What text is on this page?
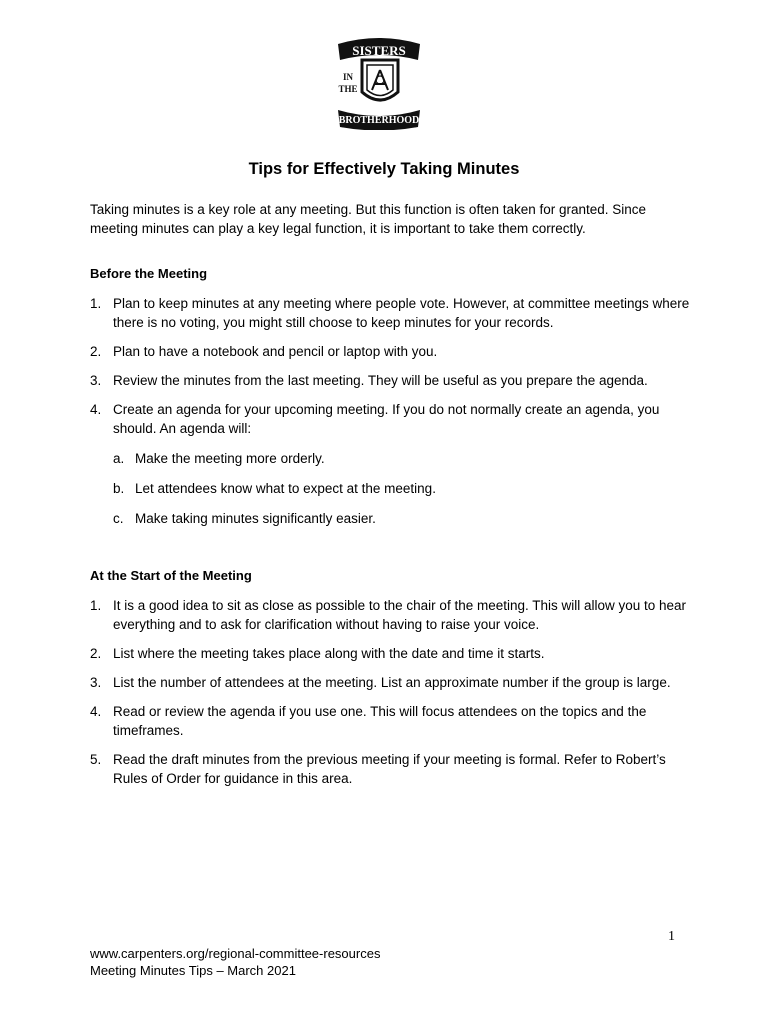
SISTERS
IN
THE
BROTHERHOOD
Tips for Effectively Taking Minutes
Taking minutes is a key role at any meeting. But this function is often taken for granted. Since meeting minutes can play a key legal function, it is important to take them correctly.
Before the Meeting
1. Plan to keep minutes at any meeting where people vote. However, at committee meetings where there is no voting, you might still choose to keep minutes for your records.
2. Plan to have a notebook and pencil or laptop with you.
3. Review the minutes from the last meeting. They will be useful as you prepare the agenda.
4. Create an agenda for your upcoming meeting. If you do not normally create an agenda, you should. An agenda will:
a. Make the meeting more orderly.
b. Let attendees know what to expect at the meeting.
c. Make taking minutes significantly easier.
At the Start of the Meeting
1. It is a good idea to sit as close as possible to the chair of the meeting. This will allow you to hear everything and to ask for clarification without having to raise your voice.
2. List where the meeting takes place along with the date and time it starts.
3. List the number of attendees at the meeting. List an approximate number if the group is large.
4. Read or review the agenda if you use one. This will focus attendees on the topics and the timeframes.
5. Read the draft minutes from the previous meeting if your meeting is formal. Refer to Robert’s Rules of Order for guidance in this area.
1
www.carpenters.org/regional-committee-resources
Meeting Minutes Tips – March 2021
